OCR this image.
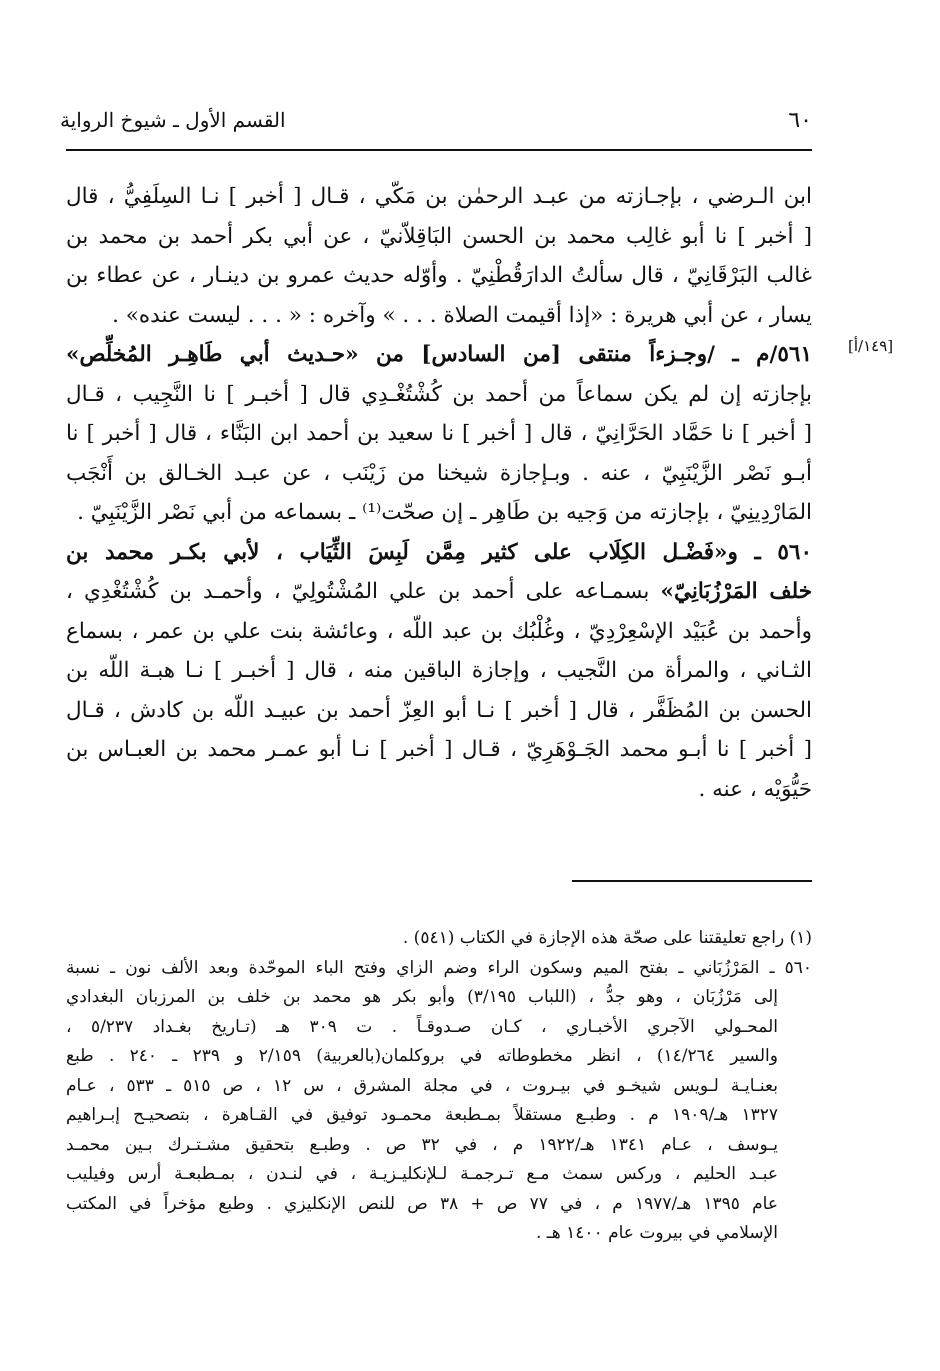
٦٠
القسم الأول ـ شيوخ الرواية
[١٤٩/أ]
ابن الـرضي ، بإجـازته من عبـد الرحمٰن بن مَكّي ، قـال [ أخبر ] نـا السِلَفِيُّ ، قال
[ أخبر ] نا أبو غالِب محمد بن الحسن البَاقِلاّنيّ ، عن أبي بكر أحمد بن محمد بن
غالب البَرْقَانِيّ ، قال سألتُ الدارَقُطْنِيّ . وأوّله حديث عمرو بن دينـار ، عن عطاء بن
يسار ، عن أبي هريرة : «إذا أقيمت الصلاة . . . » وآخره : « . . . ليست عنده» .
٥٦١/م ـ /وجـزءاً منتقى [من السادس] من «حـديث أبي طَاهِـر المُخلِّص»
بإجازته إن لم يكن سماعاً من أحمد بن كُشْتُغْـدِي قال [ أخبـر ] نا النَّجِيب ، قـال
[ أخبر ] نا حَمَّاد الحَرَّانِيّ ، قال [ أخبر ] نا سعيد بن أحمد ابن البَنَّاء ، قال [ أخبر ] نا
أبـو نَصْر الزَّيْنَبِيّ ، عنه . وبـإجازة شيخنا من زَيْنَب ، عن عبـد الخـالق بن أَنْجَب
المَارْدِينِيّ ، بإجازته من وَجيه بن طَاهِر ـ إن صحّت⁽¹⁾ ـ بسماعه من أبي نَصْر الزَّيْنَبِيّ .
٥٦٠ ـ و«فَضْـل الكِلَاب على كثير مِمَّن لَبِسَ الثِّيَاب ، لأبي بكـر محمد بن
خلف المَرْزُبَانِيّ» بسمـاعه على أحمد بن علي المُشْتُولِيّ ، وأحمـد بن كُشْتُغْدِي ،
وأحمد بن عُبَيْد الإسْعِرْدِيّ ، وغُلْبُك بن عبد اللّه ، وعائشة بنت علي بن عمر ، بسماع
الثـاني ، والمرأة من النَّجيب ، وإجازة الباقين منه ، قال [ أخبـر ] نـا هبـة اللّه بن
الحسن بن المُظَفَّر ، قال [ أخبر ] نـا أبو العِزّ أحمد بن عبيـد اللّه بن كادش ، قـال
[ أخبر ] نا أبـو محمد الجَـوْهَرِيّ ، قـال [ أخبر ] نـا أبو عمـر محمد بن العبـاس بن
حَيُّوَيْه ، عنه .
(١) راجع تعليقتنا على صحّة هذه الإجازة في الكتاب (٥٤١) .
٥٦٠ ـ المَرْزُبَاني ـ بفتح الميم وسكون الراء وضم الزاي وفتح الباء الموحّدة وبعد الألف نون ـ نسبة
إلى مَرْزُبَان ، وهو جدُّ ، (اللباب ٣/١٩٥) وأبو بكر هو محمد بن خلف بن المرزبان البغدادي
المحـولي الآجري الأخبـاري ، كـان صـدوقـاً . ت ٣٠٩ هـ (تـاريخ بغـداد ٥/٢٣٧ ،
والسير ١٤/٢٦٤) ، انظر مخطوطاته في بروكلمان(بالعربية) ٢/١٥٩ و ٢٣٩ ـ ٢٤٠ . طبع
بعنـايـة لـويس شيخـو في بيـروت ، في مجلة المشرق ، س ١٢ ، ص ٥١٥ ـ ٥٣٣ ، عـام
١٣٢٧ هـ/١٩٠٩ م . وطبـع مستقلاً بمـطبعة محمـود توفيق في القـاهرة ، بتصحيـح إبـراهيم
يـوسف ، عـام ١٣٤١ هـ/١٩٢٢ م ، في ٣٢ ص . وطبـع بتحقيق مشـتـرك بـين محمـد
عبـد الحليم ، وركس سمث مـع تـرجمـة لـلإنكليـزيـة ، في لنـدن ، بمـطبعـة أرس وفيليب
عام ١٣٩٥ هـ/١٩٧٧ م ، في ٧٧ ص + ٣٨ ص للنص الإنكليزي . وطبع مؤخراً في المكتب
الإسلامي في بيروت عام ١٤٠٠ هـ .
